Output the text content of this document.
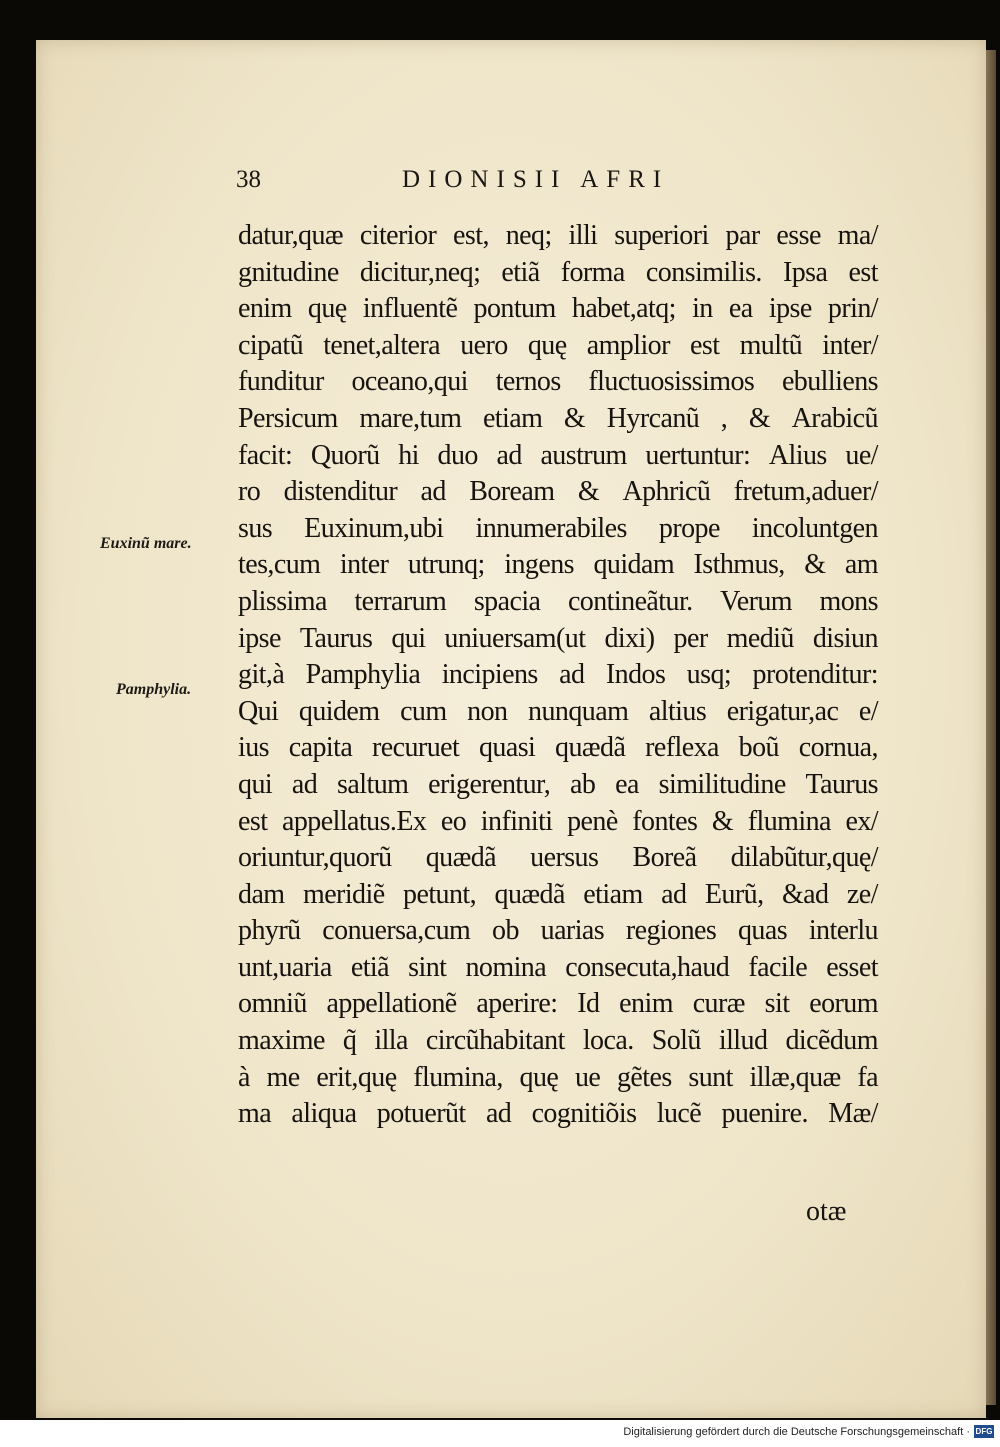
38	DIONISII AFRI
datur,quæ citerior est, neq; illi superiori par esse ma/
gnitudine dicitur,neq; etiã forma consimilis. Ipsa est
enim quę influentẽ pontum habet,atq; in ea ipse prin/
cipatũ tenet,altera uero quę amplior est multũ inter/
funditur oceano,qui ternos fluctuosissimos ebulliens
Persicum mare,tum etiam & Hyrcanũ , & Arabicũ
facit: Quorũ hi duo ad austrum uertuntur: Alius ue/
ro distenditur ad Boream & Aphricũ fretum,aduer/
sus Euxinum,ubi innumerabiles prope incoluntgen
tes,cum inter utrunq; ingens quidam Isthmus, & am
plissima terrarum spacia contineãtur. Verum mons
ipse Taurus qui uniuersam(ut dixi) per mediũ disiun
git,à Pamphylia incipiens ad Indos usq; protenditur:
Qui quidem cum non nunquam altius erigatur,ac e/
ius capita recuruet quasi quædã reflexa boũ cornua,
qui ad saltum erigerentur, ab ea similitudine Taurus
est appellatus.Ex eo infiniti penè fontes & flumina ex/
oriuntur,quorũ quædã uersus Boreã dilabũtur,quę/
dam meridiẽ petunt, quædã etiam ad Eurũ, &ad ze/
phyrũ conuersa,cum ob uarias regiones quas interlu
unt,uaria etiã sint nomina consecuta,haud facile esset
omniũ appellationẽ aperire: Id enim curæ sit eorum
maxime q̃ illa circũhabitant loca. Solũ illud dicẽdum
à me erit,quę flumina, quę ue gẽtes sunt illæ,quæ fa
ma aliqua potuerũt ad cognitiõis lucẽ puenire. Mæ/
Euxinũ mare.
Pamphylia.
otæ
Digitalisierung gefördert durch die Deutsche Forschungsgemeinschaft · DFG
